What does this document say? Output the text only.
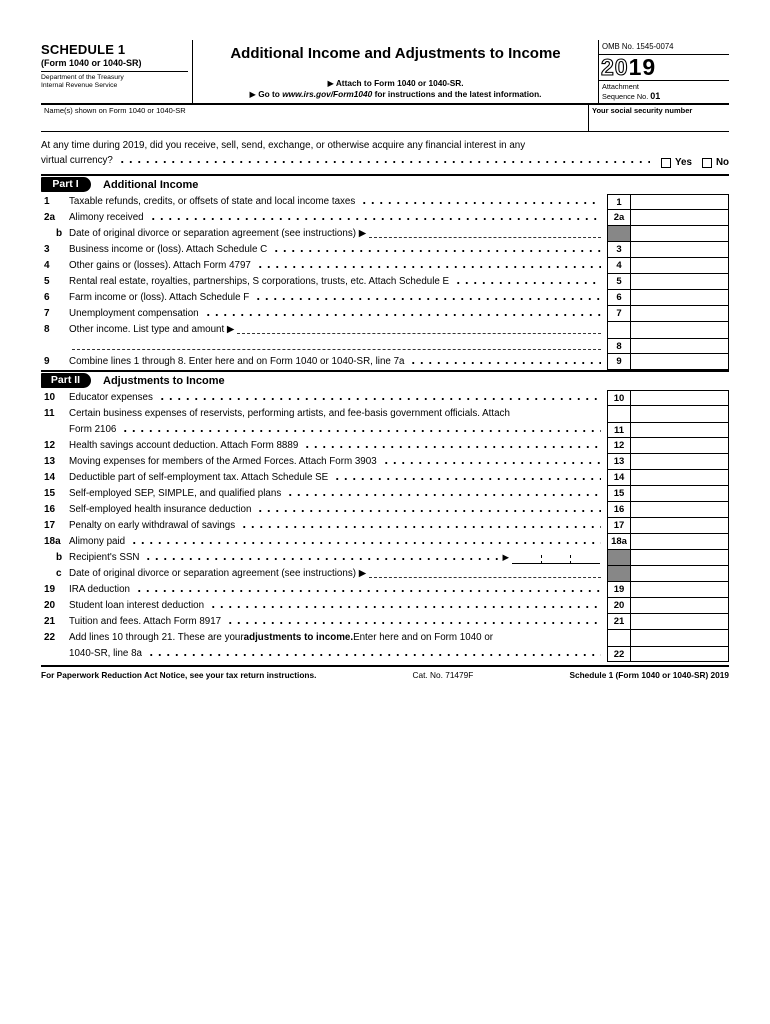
SCHEDULE 1
(Form 1040 or 1040-SR)
Department of the Treasury
Internal Revenue Service
Additional Income and Adjustments to Income
▶ Attach to Form 1040 or 1040-SR.
▶ Go to www.irs.gov/Form1040 for instructions and the latest information.
OMB No. 1545-0074
2019
Attachment
Sequence No. 01
Name(s) shown on Form 1040 or 1040-SR	Your social security number
At any time during 2019, did you receive, sell, send, exchange, or otherwise acquire any financial interest in any
virtual currency?	Yes No
Part I	Additional Income
1	Taxable refunds, credits, or offsets of state and local income taxes	1
2a	Alimony received	2a
b Date of original divorce or separation agreement (see instructions) ▶
3	Business income or (loss). Attach Schedule C	3
4	Other gains or (losses). Attach Form 4797	4
5	Rental real estate, royalties, partnerships, S corporations, trusts, etc. Attach Schedule E	5
6	Farm income or (loss). Attach Schedule F	6
7	Unemployment compensation	7
8	Other income. List type and amount ▶
8
9	Combine lines 1 through 8. Enter here and on Form 1040 or 1040-SR, line 7a	9
Part II	Adjustments to Income
10	Educator expenses	10
11	Certain business expenses of reservists, performing artists, and fee-basis government officials. Attach
Form 2106	11
12	Health savings account deduction. Attach Form 8889	12
13	Moving expenses for members of the Armed Forces. Attach Form 3903	13
14	Deductible part of self-employment tax. Attach Schedule SE	14
15	Self-employed SEP, SIMPLE, and qualified plans	15
16	Self-employed health insurance deduction	16
17	Penalty on early withdrawal of savings	17
18a Alimony paid	18a
b Recipient's SSN	▶
c Date of original divorce or separation agreement (see instructions) ▶
19	IRA deduction	19
20	Student loan interest deduction	20
21	Tuition and fees. Attach Form 8917	21
22	Add lines 10 through 21. These are your adjustments to income. Enter here and on Form 1040 or
1040-SR, line 8a	22
For Paperwork Reduction Act Notice, see your tax return instructions.	Cat. No. 71479F	Schedule 1 (Form 1040 or 1040-SR) 2019
